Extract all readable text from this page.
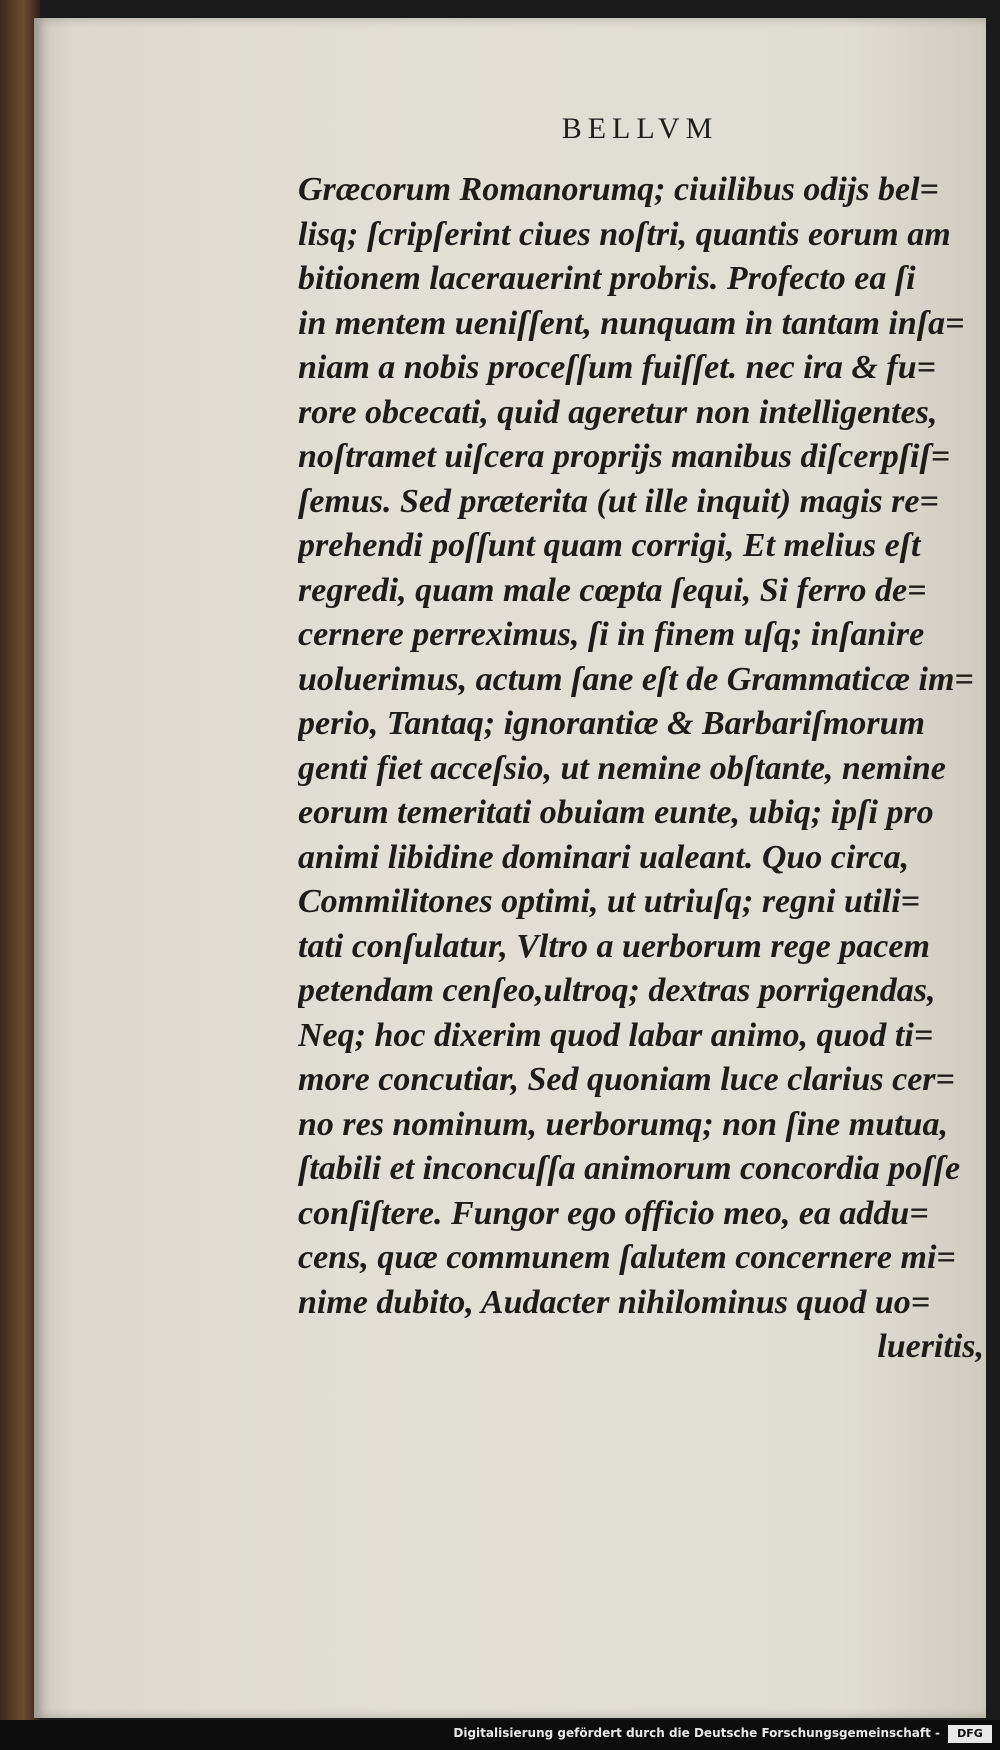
BELLVM
Græcorum Romanorumq; ciuilibus odijs bel=
lisq; ſcripſerint ciues noſtri, quantis eorum am
bitionem lacerauerint probris. Profecto ea ſi
in mentem ueniſſent, nunquam in tantam inſa=
niam a nobis proceſſum fuiſſet. nec ira & fu=
rore obcecati, quid ageretur non intelligentes,
noſtramet uiſcera proprijs manibus diſcerpſiſ=
ſemus. Sed præterita (ut ille inquit) magis re=
prehendi poſſunt quam corrigi, Et melius eſt
regredi, quam male cœpta ſequi, Si ferro de=
cernere perreximus, ſi in finem uſq; inſanire
uoluerimus, actum ſane eſt de Grammaticæ im=
perio, Tantaq; ignorantiæ & Barbariſmorum
genti fiet acceſsio, ut nemine obſtante, nemine
eorum temeritati obuiam eunte, ubiq; ipſi pro
animi libidine dominari ualeant. Quo circa,
Commilitones optimi, ut utriuſq; regni utili=
tati conſulatur, Vltro a uerborum rege pacem
petendam cenſeo,ultroq; dextras porrigendas,
Neq; hoc dixerim quod labar animo, quod ti=
more concutiar, Sed quoniam luce clarius cer=
no res nominum, uerborumq; non ſine mutua,
ſtabili et inconcuſſa animorum concordia poſſe
conſiſtere. Fungor ego officio meo, ea addu=
cens, quæ communem ſalutem concernere mi=
nime dubito, Audacter nihilominus quod uo=
lueritis,
Digitalisierung gefördert durch die Deutsche Forschungsgemeinschaft -	DFG
